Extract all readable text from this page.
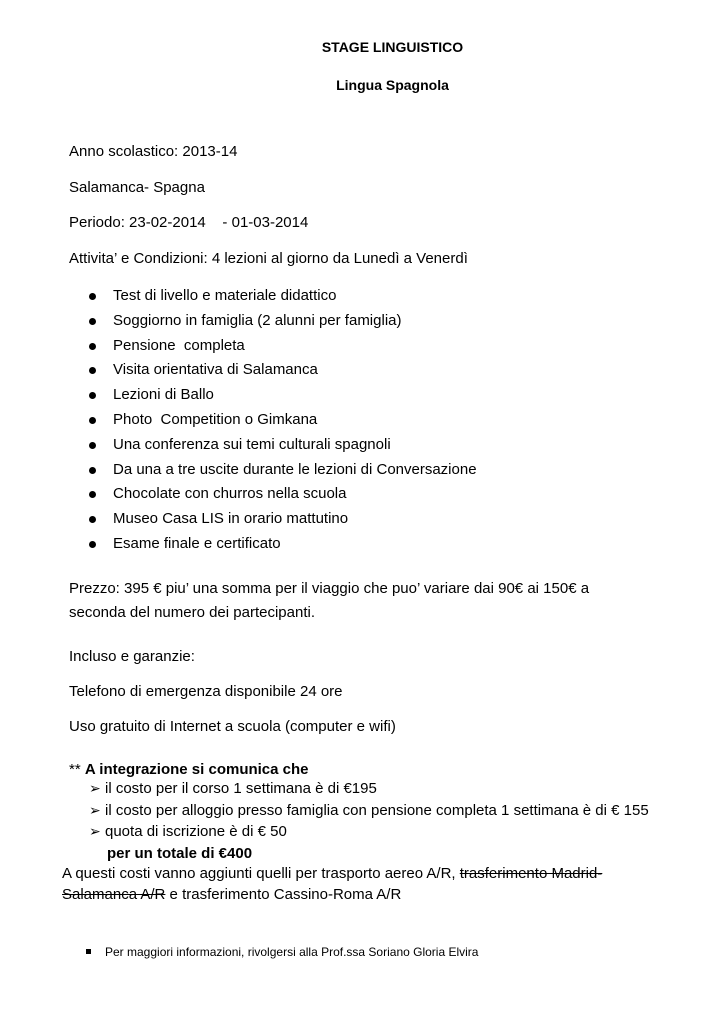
STAGE LINGUISTICO
Lingua Spagnola
Anno scolastico: 2013-14
Salamanca- Spagna
Periodo: 23-02-2014    - 01-03-2014
Attivita’ e Condizioni: 4 lezioni al giorno da Lunedì a Venerdì
Test di livello e materiale didattico
Soggiorno in famiglia (2 alunni per famiglia)
Pensione  completa
Visita orientativa di Salamanca
Lezioni di Ballo
Photo  Competition o Gimkana
Una conferenza sui temi culturali spagnoli
Da una a tre uscite durante le lezioni di Conversazione
Chocolate con churros nella scuola
Museo Casa LIS in orario mattutino
Esame finale e certificato
Prezzo: 395 € piu’ una somma per il viaggio che puo’ variare dai 90€ ai 150€ a seconda del numero dei partecipanti.
Incluso e garanzie:
Telefono di emergenza disponibile 24 ore
Uso gratuito di Internet a scuola (computer e wifi)
** A integrazione si comunica che
➢ il costo per il corso 1 settimana è di €195
➢ il costo per alloggio presso famiglia con pensione completa 1 settimana è di € 155
➢ quota di iscrizione è di € 50
per un totale di €400
A questi costi vanno aggiunti quelli per trasporto aereo A/R, trasferimento Madrid-Salamanca A/R e trasferimento Cassino-Roma A/R
Per maggiori informazioni, rivolgersi alla Prof.ssa Soriano Gloria Elvira
